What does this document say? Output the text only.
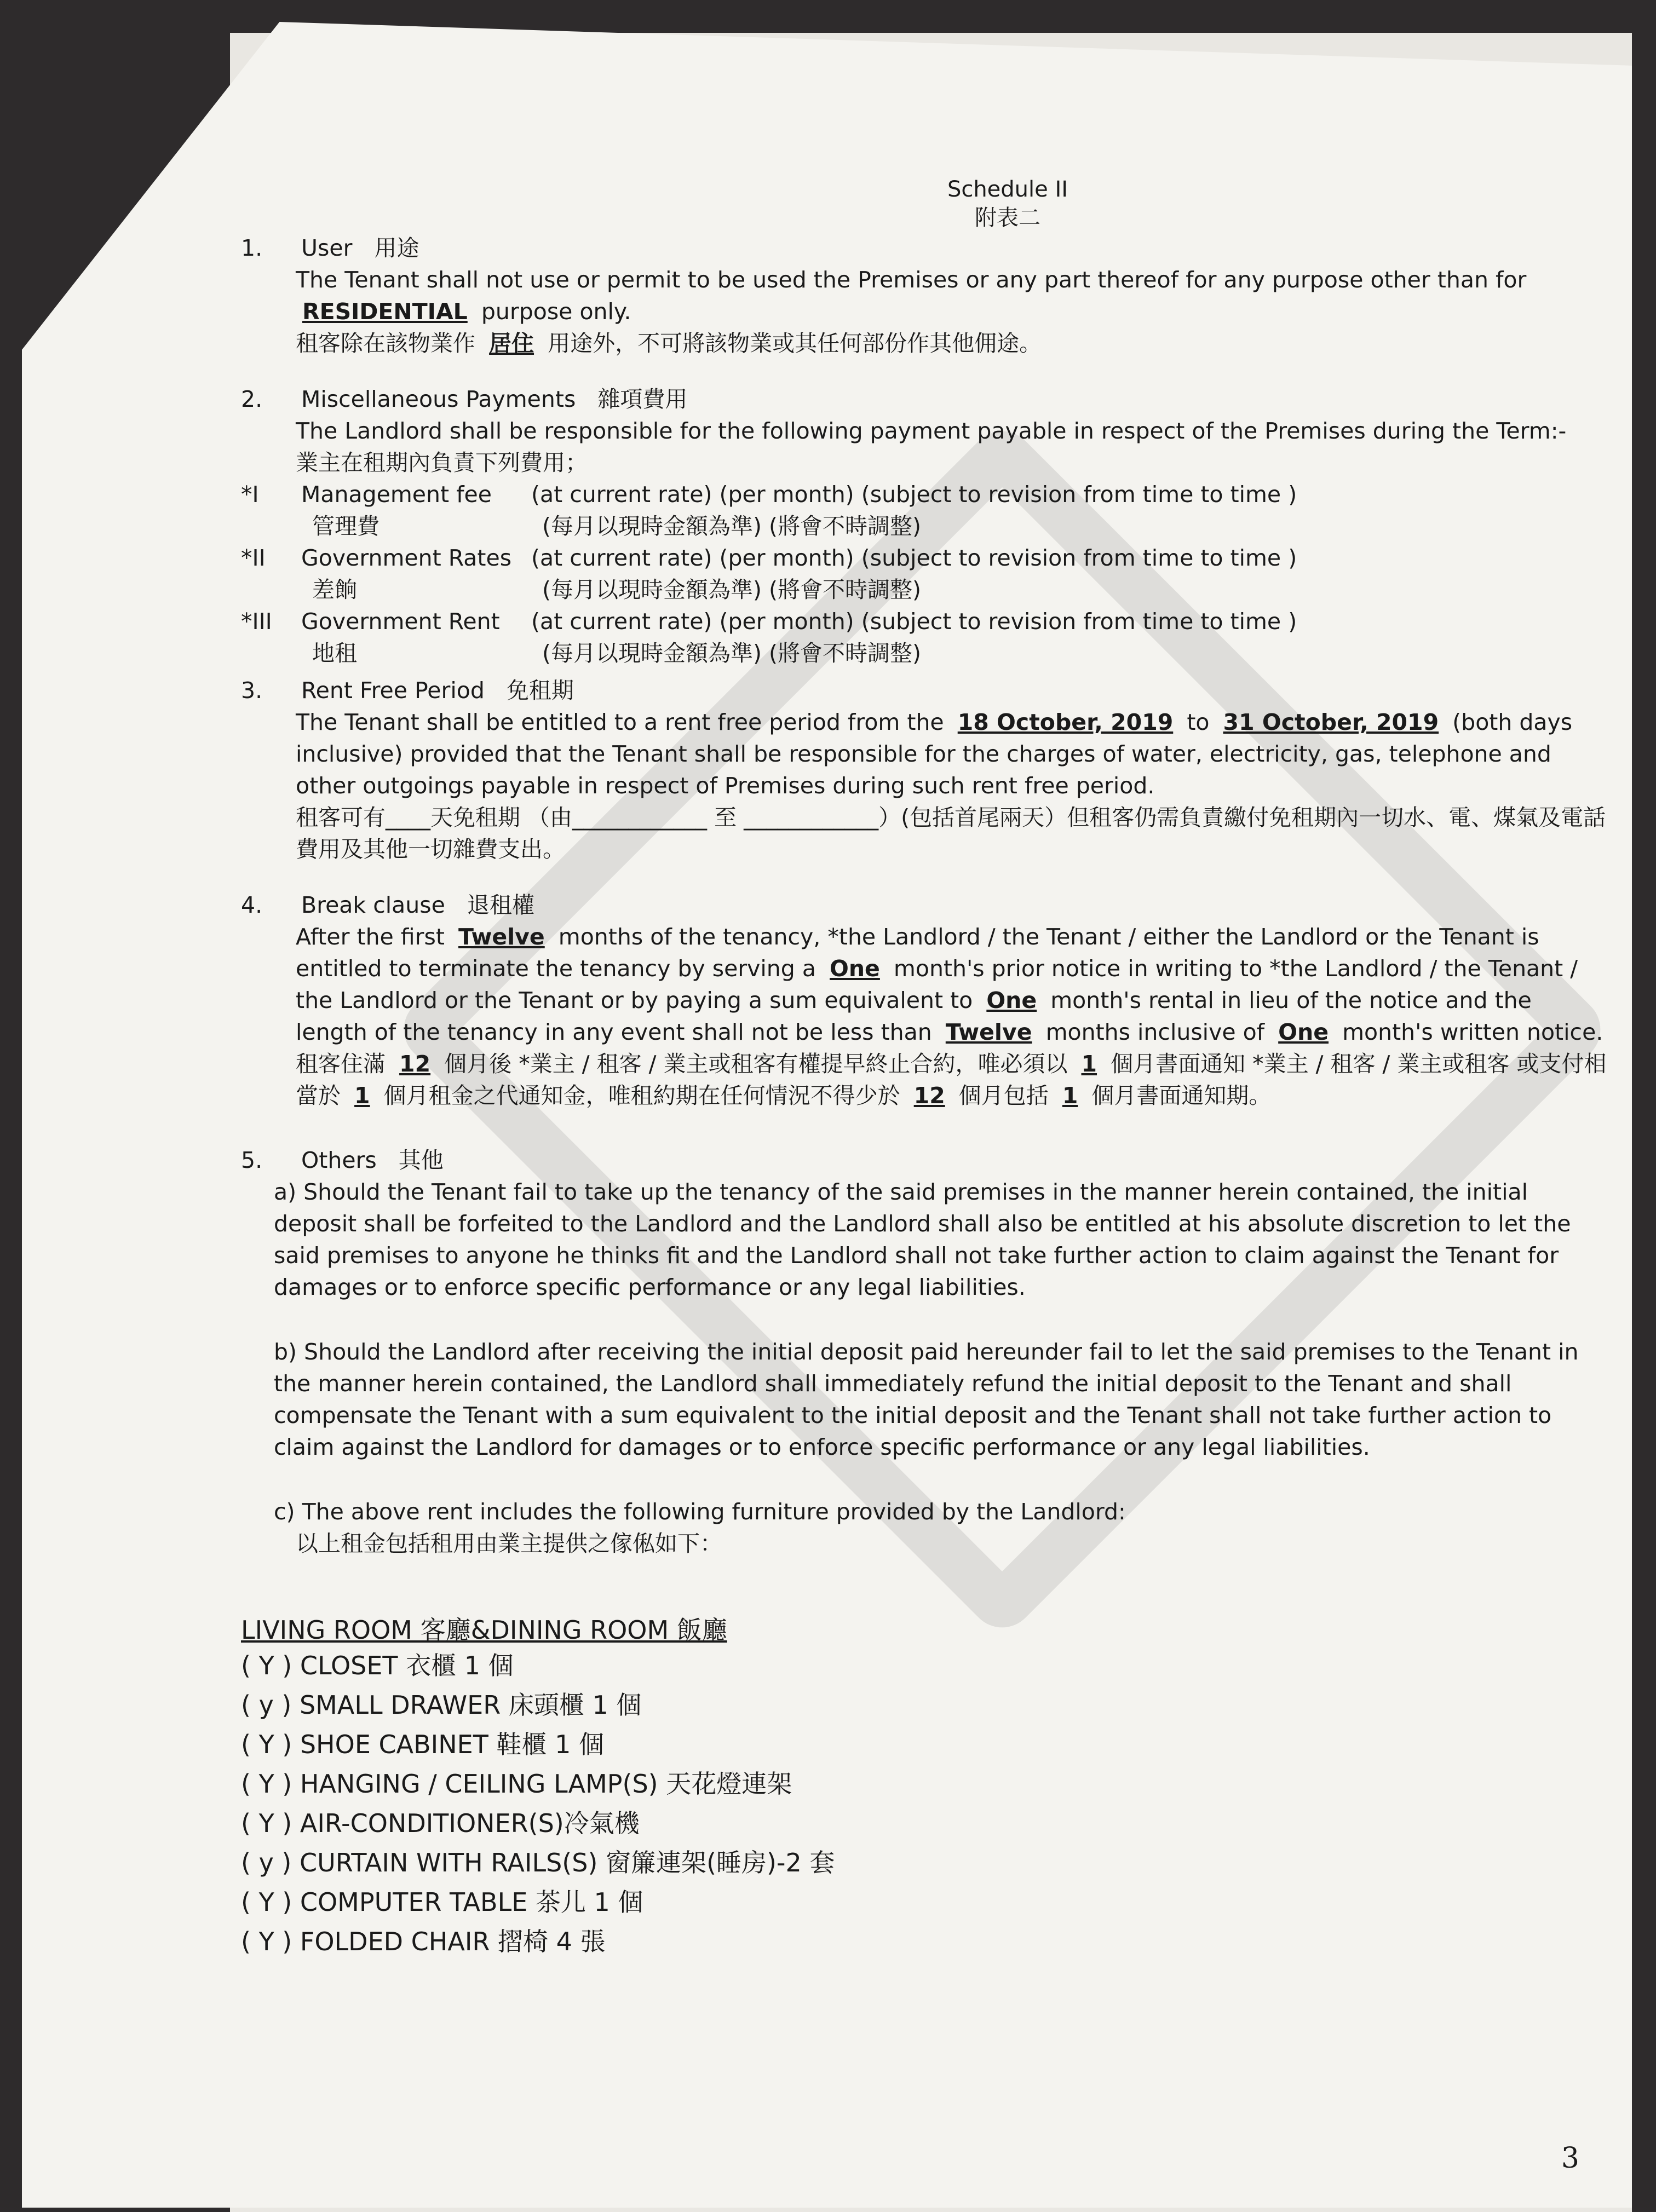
Schedule II
附表二
1.	User 用途
The Tenant shall not use or permit to be used the Premises or any part thereof for any purpose other than for RESIDENTIAL purpose only.
租客除在該物業作 居住 用途外，不可將該物業或其任何部份作其他佣途。
2.	Miscellaneous Payments 雜項費用
The Landlord shall be responsible for the following payment payable in respect of the Premises during the Term:-
業主在租期內負責下列費用；
*I	Management fee	(at current rate) (per month) (subject to revision from time to time )
管理費	(每月以現時金額為準) (將會不時調整)
*II	Government Rates (at current rate) (per month) (subject to revision from time to time )
差餉	(每月以現時金額為準) (將會不時調整)
*III	Government Rent	(at current rate) (per month) (subject to revision from time to time )
地租	(每月以現時金額為準) (將會不時調整)
3.	Rent Free Period 免租期
The Tenant shall be entitled to a rent free period from the 18 October, 2019 to 31 October, 2019 (both days inclusive) provided that the Tenant shall be responsible for the charges of water, electricity, gas, telephone and other outgoings payable in respect of Premises during such rent free period.
租客可有____天免租期 （由____________ 至 ____________）(包括首尾兩天）但租客仍需負責繳付免租期內一切水、電、煤氣及電話費用及其他一切雜費支出。
4.	Break clause 退租權
After the first Twelve months of the tenancy, *the Landlord / the Tenant / either the Landlord or the Tenant is entitled to terminate the tenancy by serving a One month's prior notice in writing to *the Landlord / the Tenant / the Landlord or the Tenant or by paying a sum equivalent to One month's rental in lieu of the notice and the length of the tenancy in any event shall not be less than Twelve months inclusive of One month's written notice.
租客住滿 12 個月後 *業主 / 租客 / 業主或租客有權提早終止合約，唯必須以 1 個月書面通知 *業主 / 租客 / 業主或租客 或支付相當於 1 個月租金之代通知金，唯租約期在任何情況不得少於 12 個月包括 1 個月書面通知期。
5.	Others 其他
a) Should the Tenant fail to take up the tenancy of the said premises in the manner herein contained, the initial deposit shall be forfeited to the Landlord and the Landlord shall also be entitled at his absolute discretion to let the said premises to anyone he thinks fit and the Landlord shall not take further action to claim against the Tenant for damages or to enforce specific performance or any legal liabilities.
b) Should the Landlord after receiving the initial deposit paid hereunder fail to let the said premises to the Tenant in the manner herein contained, the Landlord shall immediately refund the initial deposit to the Tenant and shall compensate the Tenant with a sum equivalent to the initial deposit and the Tenant shall not take further action to claim against the Landlord for damages or to enforce specific performance or any legal liabilities.
c) The above rent includes the following furniture provided by the Landlord:
以上租金包括租用由業主提供之傢俬如下：
LIVING ROOM 客廳&DINING ROOM 飯廳
( Y ) CLOSET 衣櫃 1 個
( y ) SMALL DRAWER 床頭櫃 1 個
( Y ) SHOE CABINET 鞋櫃 1 個
( Y ) HANGING / CEILING LAMP(S) 天花燈連架
( Y ) AIR-CONDITIONER(S)冷氣機
( y ) CURTAIN WITH RAILS(S) 窗簾連架(睡房)-2 套
( Y ) COMPUTER TABLE 茶儿 1 個
( Y ) FOLDED CHAIR 摺椅 4 張
3
